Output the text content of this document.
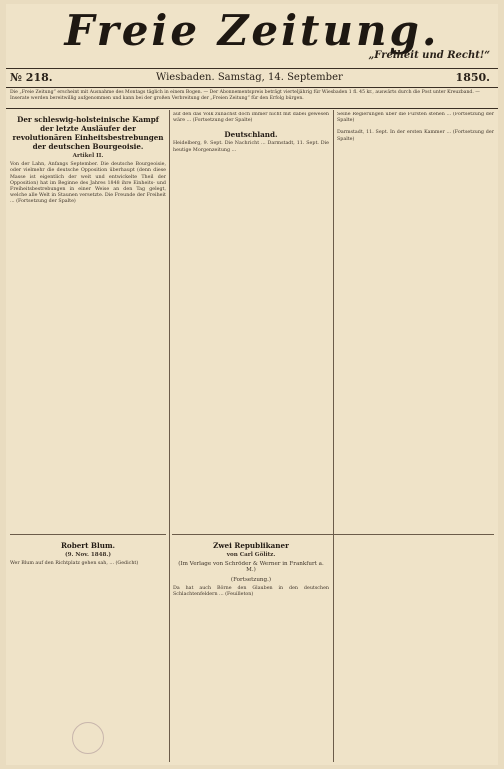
Freie Zeitung.
„Freiheit und Recht!“
№ 218.	Wiesbaden. Samstag, 14. September	1850.
Die „Freie Zeitung“ erscheint mit Ausnahme des Montags täglich in einem Bogen. — Der Abonnementspreis beträgt vierteljährig für Wiesbaden 1 fl. 45 kr., auswärts durch die Post unter Kreuzband. — Inserate werden bereitwillig aufgenommen und kann bei der großen Verbreitung der „Freien Zeitung“ für den Erfolg bürgen.
Der schleswig-holsteinische Kampf der letzte Ausläufer der revolutionären Einheitsbestrebungen der deutschen Bourgeoisie.
Artikel II.
Von der Lahn, Anfangs September. Die deutsche Bourgeoisie, oder vielmehr die deutsche Opposition überhaupt (denn diese Masse ist eigentlich der weit und entwickelte Theil der Opposition) hat im Beginne des Jahres 1848 ihre Einheits- und Freiheitsbestrebungen in einer Weise an den Tag gelegt, welche alle Welt in Staunen versetzte. Die Freunde der Freiheit ... (Fortsetzung der Spalte)
Robert Blum.
(9. Nov. 1848.)
Wer Blum auf den Richtplatz gehen sah, ... (Gedicht)
auf den das Volk zunächst doch immer nicht mit dabei gewesen wäre ... (Fortsetzung der Spalte)
Deutschland.
Heidelberg, 9. Sept. Die Nachricht ... Darmstadt, 11. Sept. Die heutige Morgenzeitung ...
Seine Regierungen über die Fürsten stehen ... (Fortsetzung der Spalte)
Darmstadt, 11. Sept. In der ersten Kammer ... (Fortsetzung der Spalte)
Zwei Republikaner
von Carl Gölitz.
(Im Verlage von Schröder & Werner in Frankfurt a. M.)
(Fortsetzung.)
Da hat auch Börne den Glauben in den deutschen Schlachtenfeldern ... (Feuilleton)
